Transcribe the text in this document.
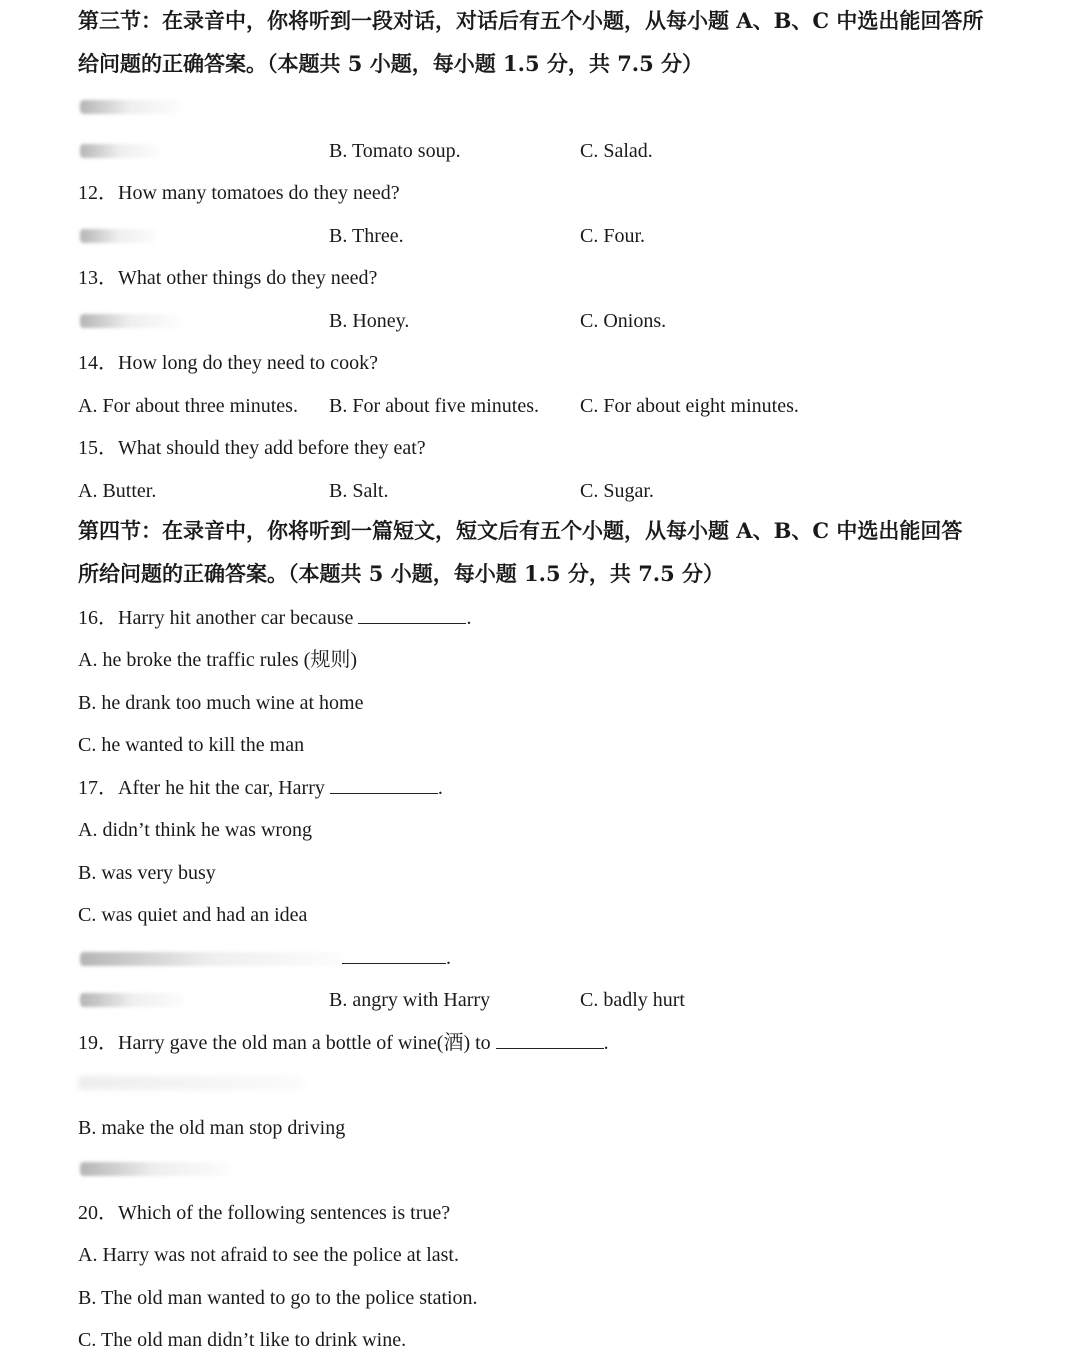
第三节：在录音中，你将听到一段对话，对话后有五个小题，从每小题 A、B、C 中选出能回答所
给问题的正确答案。（本题共 5 小题，每小题 1.5 分，共 7.5 分）
B. Tomato soup.	C. Salad.
12．How many tomatoes do they need?
B. Three.	C. Four.
13．What other things do they need?
B. Honey.	C. Onions.
14．How long do they need to cook?
A. For about three minutes. B. For about five minutes. C. For about eight minutes.
15．What should they add before they eat?
A. Butter.	B. Salt.	C. Sugar.
第四节：在录音中，你将听到一篇短文，短文后有五个小题，从每小题 A、B、C 中选出能回答
所给问题的正确答案。（本题共 5 小题，每小题 1.5 分，共 7.5 分）
16．Harry hit another car because	.
A. he broke the traffic rules (规则)
B. he drank too much wine at home
C. he wanted to kill the man
17．After he hit the car, Harry	.
A. didn’t think he was wrong
B. was very busy
C. was quiet and had an idea
.
B. angry with Harry	C. badly hurt
19．Harry gave the old man a bottle of wine(酒) to	.
B. make the old man stop driving
20．Which of the following sentences is true?
A. Harry was not afraid to see the police at last.
B. The old man wanted to go to the police station.
C. The old man didn’t like to drink wine.
